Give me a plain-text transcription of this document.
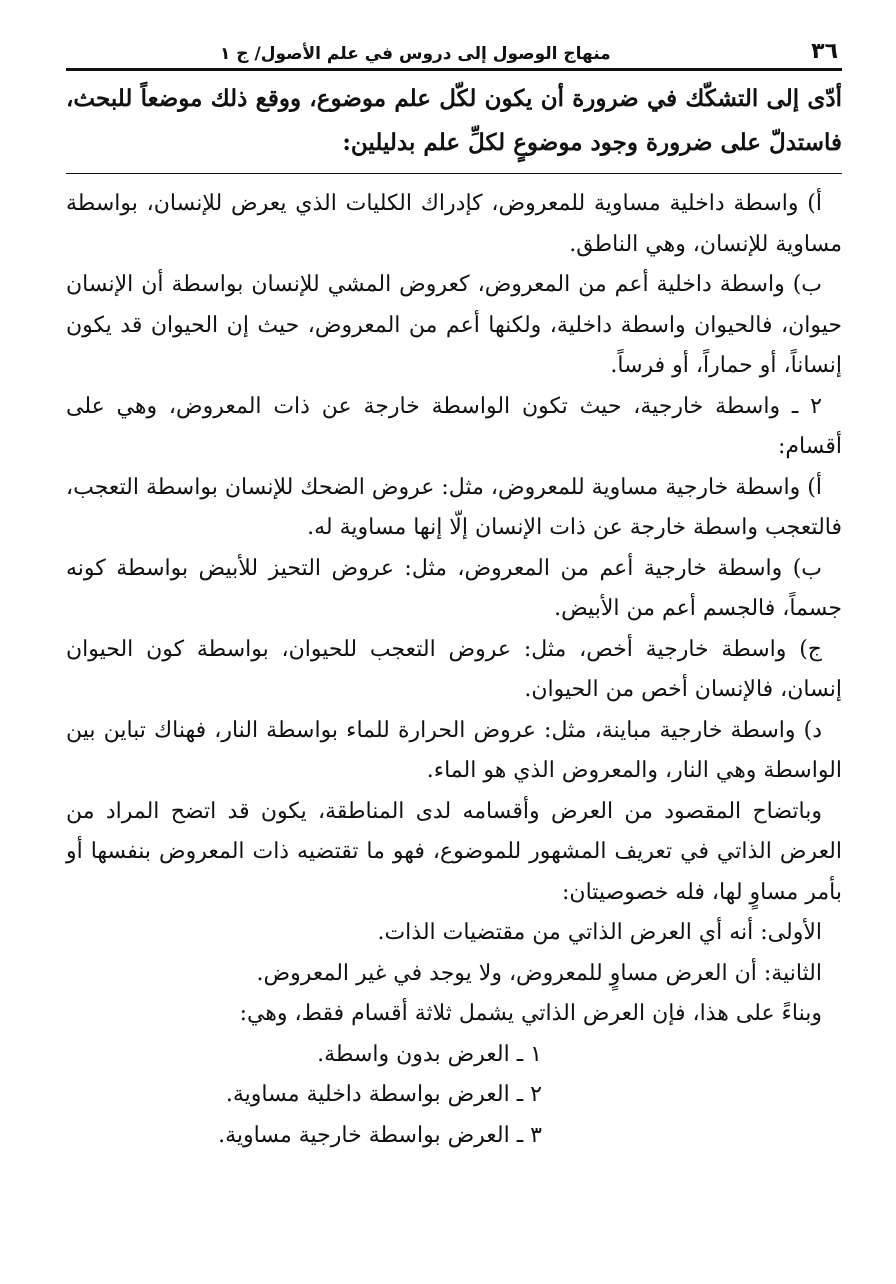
٣٦
منهاج الوصول إلى دروس في علم الأصول/ ج ١
أدّى إلى التشكّك في ضرورة أن يكون لكّل علم موضوع، ووقع ذلك موضعاً للبحث، فاستدلّ على ضرورة وجود موضوعٍ لكلِّ علم بدليلين:

أ) واسطة داخلية مساوية للمعروض، كإدراك الكليات الذي يعرض للإنسان، بواسطة مساوية للإنسان، وهي الناطق.

ب) واسطة داخلية أعم من المعروض، كعروض المشي للإنسان بواسطة أن الإنسان حيوان، فالحيوان واسطة داخلية، ولكنها أعم من المعروض، حيث إن الحيوان قد يكون إنساناً، أو حماراً، أو فرساً.

٢ ـ واسطة خارجية، حيث تكون الواسطة خارجة عن ذات المعروض، وهي على أقسام:

أ) واسطة خارجية مساوية للمعروض، مثل: عروض الضحك للإنسان بواسطة التعجب، فالتعجب واسطة خارجة عن ذات الإنسان إلّا إنها مساوية له.

ب) واسطة خارجية أعم من المعروض، مثل: عروض التحيز للأبيض بواسطة كونه جسماً، فالجسم أعم من الأبيض.

ج) واسطة خارجية أخص، مثل: عروض التعجب للحيوان، بواسطة كون الحيوان إنسان، فالإنسان أخص من الحيوان.

د) واسطة خارجية مباينة، مثل: عروض الحرارة للماء بواسطة النار، فهناك تباين بين الواسطة وهي النار، والمعروض الذي هو الماء.

وباتضاح المقصود من العرض وأقسامه لدى المناطقة، يكون قد اتضح المراد من العرض الذاتي في تعريف المشهور للموضوع، فهو ما تقتضيه ذات المعروض بنفسها أو بأمر مساوٍ لها، فله خصوصيتان:

الأولى: أنه أي العرض الذاتي من مقتضيات الذات.

الثانية: أن العرض مساوٍ للمعروض، ولا يوجد في غير المعروض.

وبناءً على هذا، فإن العرض الذاتي يشمل ثلاثة أقسام فقط، وهي:

١ ـ العرض بدون واسطة.

٢ ـ العرض بواسطة داخلية مساوية.

٣ ـ العرض بواسطة خارجية مساوية.
